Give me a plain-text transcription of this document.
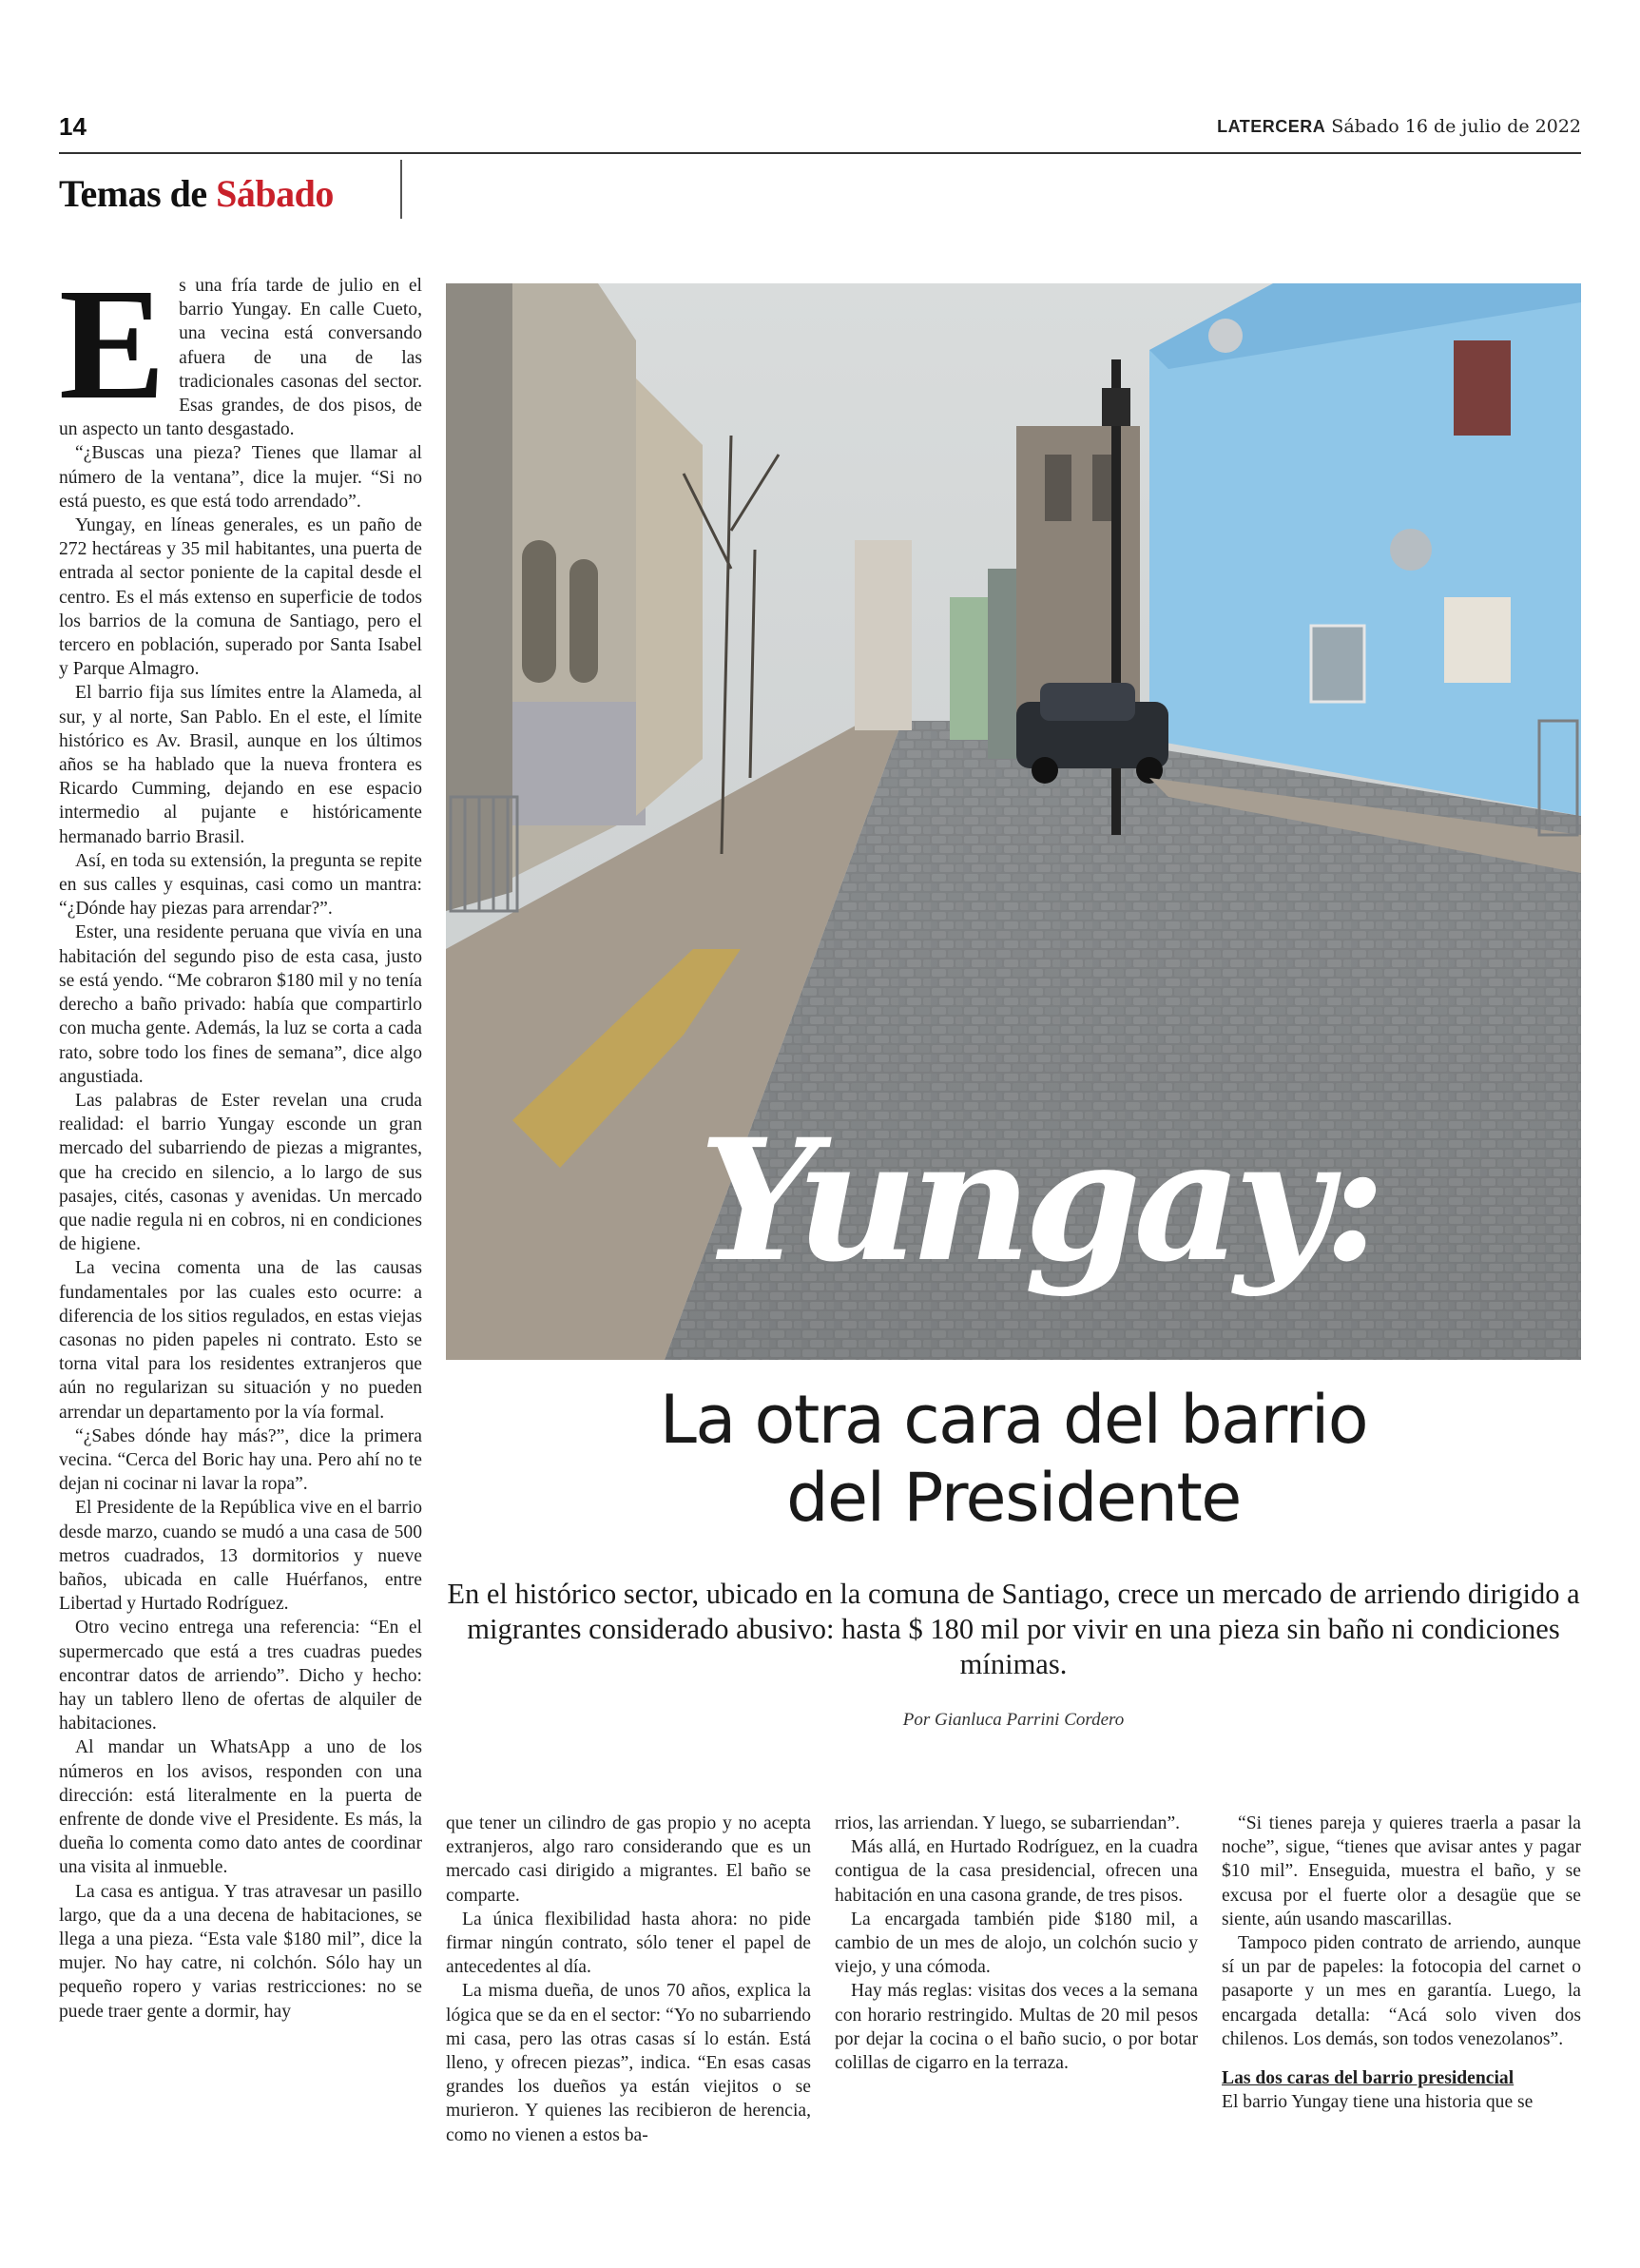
14	LATERCERA Sábado 16 de julio de 2022
Temas de Sábado
E s una fría tarde de julio en el barrio Yungay. En calle Cueto, una vecina está conversando afuera de una de las tradicionales casonas del sector. Esas grandes, de dos pisos, de un aspecto un tanto desgastado.

“¿Buscas una pieza? Tienes que llamar al número de la ventana”, dice la mujer. “Si no está puesto, es que está todo arrendado”.

Yungay, en líneas generales, es un paño de 272 hectáreas y 35 mil habitantes, una puerta de entrada al sector poniente de la capital desde el centro. Es el más extenso en superficie de todos los barrios de la comuna de Santiago, pero el tercero en población, superado por Santa Isabel y Parque Almagro.

El barrio fija sus límites entre la Alameda, al sur, y al norte, San Pablo. En el este, el límite histórico es Av. Brasil, aunque en los últimos años se ha hablado que la nueva frontera es Ricardo Cumming, dejando en ese espacio intermedio al pujante e históricamente hermanado barrio Brasil.

Así, en toda su extensión, la pregunta se repite en sus calles y esquinas, casi como un mantra: “¿Dónde hay piezas para arrendar?”.

Ester, una residente peruana que vivía en una habitación del segundo piso de esta casa, justo se está yendo. “Me cobraron $180 mil y no tenía derecho a baño privado: había que compartirlo con mucha gente. Además, la luz se corta a cada rato, sobre todo los fines de semana”, dice algo angustiada.

Las palabras de Ester revelan una cruda realidad: el barrio Yungay esconde un gran mercado del subarriendo de piezas a migrantes, que ha crecido en silencio, a lo largo de sus pasajes, cités, casonas y avenidas. Un mercado que nadie regula ni en cobros, ni en condiciones de higiene.

La vecina comenta una de las causas fundamentales por las cuales esto ocurre: a diferencia de los sitios regulados, en estas viejas casonas no piden papeles ni contrato. Esto se torna vital para los residentes extranjeros que aún no regularizan su situación y no pueden arrendar un departamento por la vía formal.

“¿Sabes dónde hay más?”, dice la primera vecina. “Cerca del Boric hay una. Pero ahí no te dejan ni cocinar ni lavar la ropa”.

El Presidente de la República vive en el barrio desde marzo, cuando se mudó a una casa de 500 metros cuadrados, 13 dormitorios y nueve baños, ubicada en calle Huérfanos, entre Libertad y Hurtado Rodríguez.

Otro vecino entrega una referencia: “En el supermercado que está a tres cuadras puedes encontrar datos de arriendo”. Dicho y hecho: hay un tablero lleno de ofertas de alquiler de habitaciones.

Al mandar un WhatsApp a uno de los números en los avisos, responden con una dirección: está literalmente en la puerta de enfrente de donde vive el Presidente. Es más, la dueña lo comenta como dato antes de coordinar una visita al inmueble.

La casa es antigua. Y tras atravesar un pasillo largo, que da a una decena de habitaciones, se llega a una pieza. “Esta vale $180 mil”, dice la mujer. No hay catre, ni colchón. Sólo hay un pequeño ropero y varias restricciones: no se puede traer gente a dormir, hay

Yungay:
La otra cara del barrio
del Presidente
En el histórico sector, ubicado en la comuna de Santiago, crece un mercado de arriendo dirigido a migrantes considerado abusivo: hasta $ 180 mil por vivir en una pieza sin baño ni condiciones mínimas.
Por Gianluca Parrini Cordero

que tener un cilindro de gas propio y no acepta extranjeros, algo raro considerando que es un mercado casi dirigido a migrantes. El baño se comparte.

La única flexibilidad hasta ahora: no pide firmar ningún contrato, sólo tener el papel de antecedentes al día.

La misma dueña, de unos 70 años, explica la lógica que se da en el sector: “Yo no subarriendo mi casa, pero las otras casas sí lo están. Está lleno, y ofrecen piezas”, indica. “En esas casas grandes los dueños ya están viejitos o se murieron. Y quienes las recibieron de herencia, como no vienen a estos ba-

rrios, las arriendan. Y luego, se subarriendan”.

Más allá, en Hurtado Rodríguez, en la cuadra contigua de la casa presidencial, ofrecen una habitación en una casona grande, de tres pisos.

La encargada también pide $180 mil, a cambio de un mes de alojo, un colchón sucio y viejo, y una cómoda.

Hay más reglas: visitas dos veces a la semana con horario restringido. Multas de 20 mil pesos por dejar la cocina o el baño sucio, o por botar colillas de cigarro en la terraza.

“Si tienes pareja y quieres traerla a pasar la noche”, sigue, “tienes que avisar antes y pagar $10 mil”. Enseguida, muestra el baño, y se excusa por el fuerte olor a desagüe que se siente, aún usando mascarillas.

Tampoco piden contrato de arriendo, aunque sí un par de papeles: la fotocopia del carnet o pasaporte y un mes en garantía. Luego, la encargada detalla: “Acá solo viven dos chilenos. Los demás, son todos venezolanos”.

Las dos caras del barrio presidencial

El barrio Yungay tiene una historia que se
